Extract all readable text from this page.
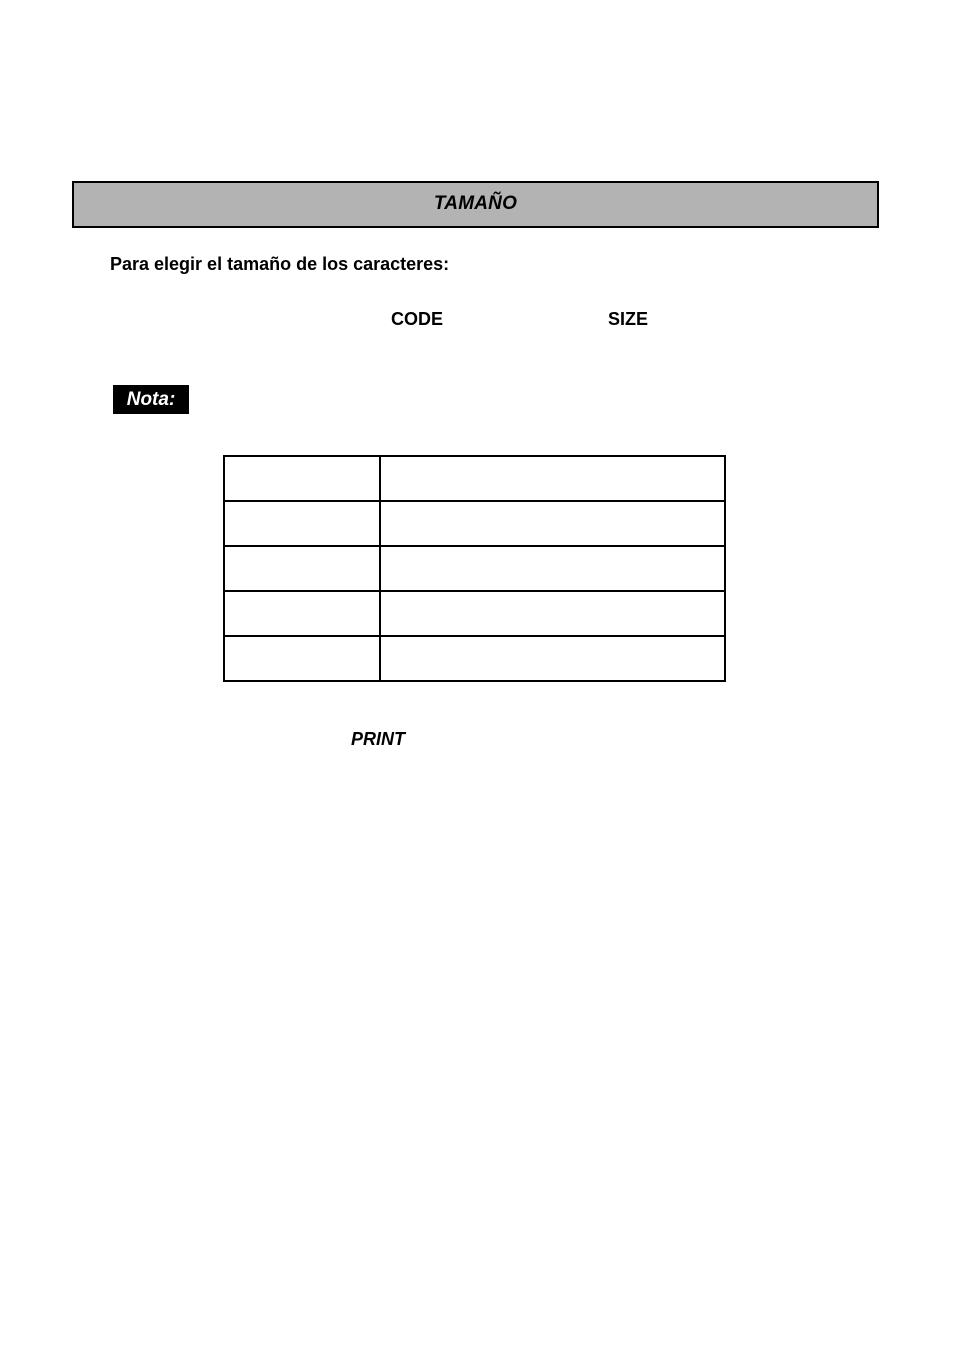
TAMAÑO
Para elegir el tamaño de los caracteres:
CODE	SIZE
Nota:

PRINT
